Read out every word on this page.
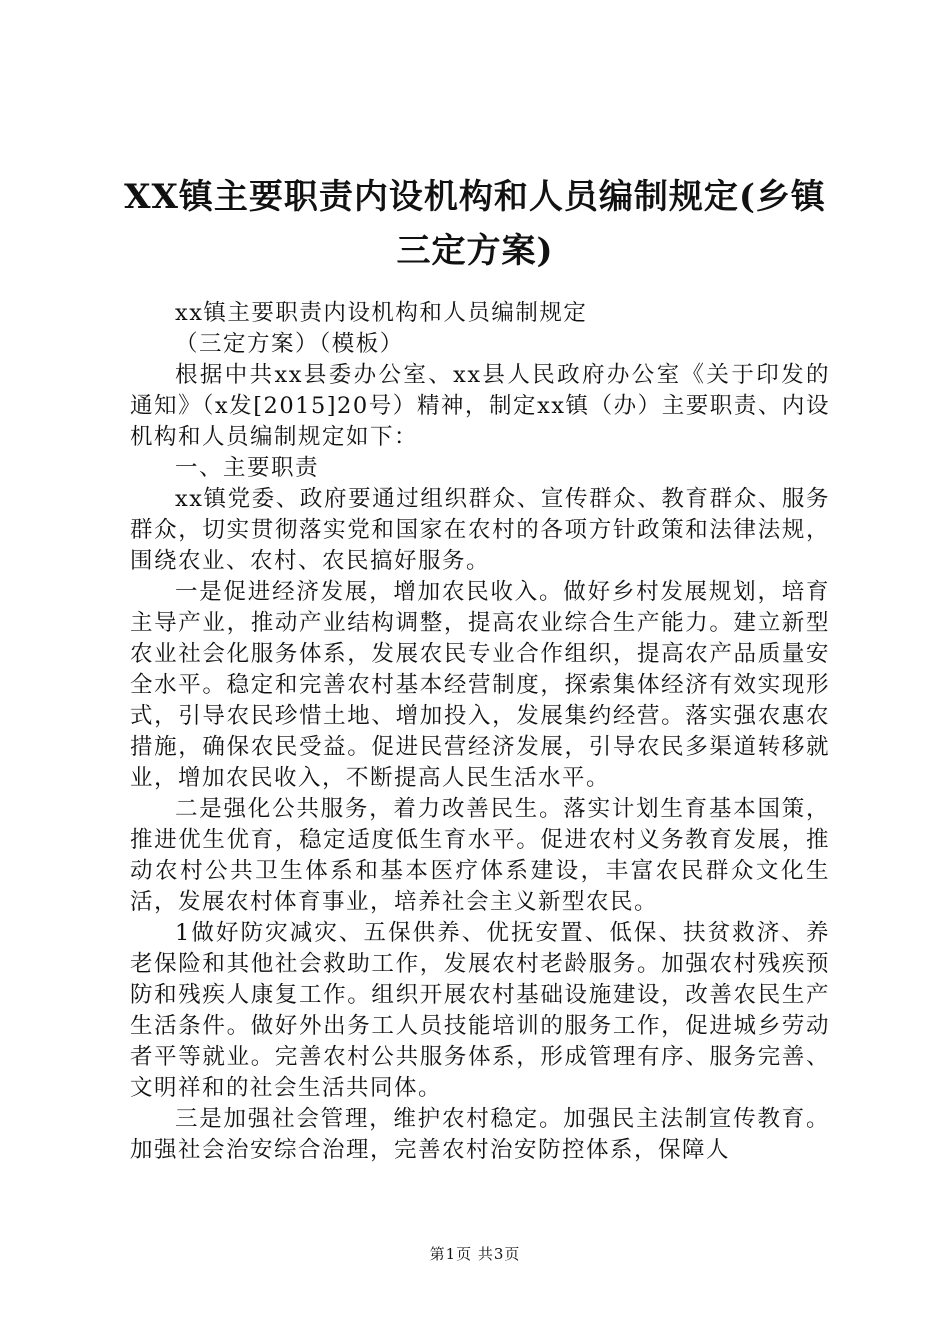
XX镇主要职责内设机构和人员编制规定(乡镇
三定方案)

xx镇主要职责内设机构和人员编制规定

（三定方案）（模板）

根据中共xx县委办公室、xx县人民政府办公室《关于印发的通知》（x发[2015]20号）精神，制定xx镇（办）主要职责、内设机构和人员编制规定如下：

一、主要职责

xx镇党委、政府要通过组织群众、宣传群众、教育群众、服务群众，切实贯彻落实党和国家在农村的各项方针政策和法律法规，围绕农业、农村、农民搞好服务。

一是促进经济发展，增加农民收入。做好乡村发展规划，培育主导产业，推动产业结构调整，提高农业综合生产能力。建立新型农业社会化服务体系，发展农民专业合作组织，提高农产品质量安全水平。稳定和完善农村基本经营制度，探索集体经济有效实现形式，引导农民珍惜土地、增加投入，发展集约经营。落实强农惠农措施，确保农民受益。促进民营经济发展，引导农民多渠道转移就业，增加农民收入，不断提高人民生活水平。

二是强化公共服务，着力改善民生。落实计划生育基本国策，推进优生优育，稳定适度低生育水平。促进农村义务教育发展，推动农村公共卫生体系和基本医疗体系建设，丰富农民群众文化生活，发展农村体育事业，培养社会主义新型农民。

1做好防灾减灾、五保供养、优抚安置、低保、扶贫救济、养老保险和其他社会救助工作，发展农村老龄服务。加强农村残疾预防和残疾人康复工作。组织开展农村基础设施建设，改善农民生产生活条件。做好外出务工人员技能培训的服务工作，促进城乡劳动者平等就业。完善农村公共服务体系，形成管理有序、服务完善、文明祥和的社会生活共同体。

三是加强社会管理，维护农村稳定。加强民主法制宣传教育。加强社会治安综合治理，完善农村治安防控体系，保障人

第1页 共3页
